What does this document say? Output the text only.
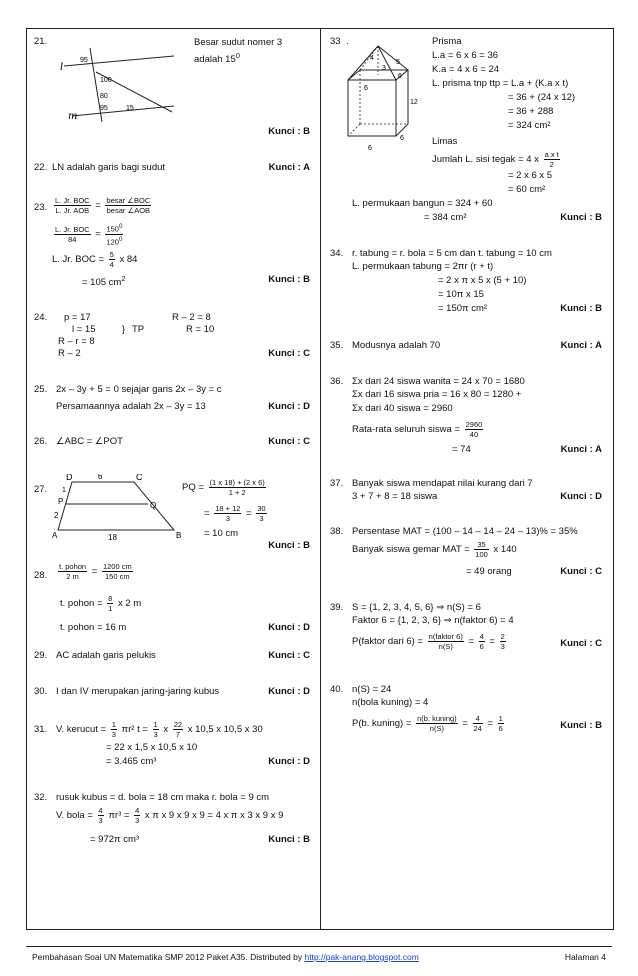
21.
l
m
95
100
80
95	15
Besar sudut nomer 3 adalah $15^0$
Kunci : B
22. LN adalah garis bagi sudut	Kunci : A
23. $\frac{\text{L. Jr. BOC}}{\text{L. Jr. AOB}} = \frac{\text{besar ∠BOC}}{\text{besar ∠AOB}}$
$\frac{\text{L. Jr. BOC}}{84} = \frac{150^0}{120^0}$
L. Jr. BOC = $\frac{5}{4}$ x 84
= 105 $cm^2$	Kunci : B
24. p = 17
l = 15	} TP
R – r = 8
R – 2
R – 2 = 8
R = 10
Kunci : C
25. 2x – 3y + 5 = 0 sejajar garis 2x – 3y = c
Persamaannya adalah 2x – 3y = 13	Kunci : D
26. ∠ABC = ∠POT	Kunci : C
27.
D	6	C
1
P	Q
2
A	18	B
PQ = $\frac{(1 x 18) + (2 x 6)}{1 + 2}$
= $\frac{18 + 12}{3} = \frac{30}{3}$
= 10 cm
Kunci : B
28. $\frac{\text{t. pohon}}{2 m} = \frac{1200 cm}{150 cm}$
t. pohon = $\frac{8}{1}$ x 2 m
t. pohon = 16 m	Kunci : D
29. AC adalah garis pelukis	Kunci : C
30. I dan IV merupakan jaring-jaring kubus	Kunci : D
31. V. kerucut = $\frac{1}{3} \pi r^2$ $t = \frac{1}{3}$ x $\frac{22}{7}$ x 10,5 x 10,5 x 30
= 22 x 1,5 x 10,5 x 10
= 3.465 cm³	Kunci : D
32. rusuk kubus = d. bola = 18 cm maka r. bola = 9 cm
V. bola = $\frac{4}{3} \pi r^3 = \frac{4}{3}$ x π x 9 x 9 x 9 = 4 x π x 3 x 9 x 9
= 972π cm³	Kunci : B
33 .
4
3
5
6
6
12
6
6
Prisma
L.a = 6 x 6 = 36
K.a = 4 x 6 = 24
L. prisma tnp ttp = L.a + (K.a x t)
= 36 + (24 x 12)
= 36 + 288
= 324 cm²
Limas
Jumlah L. sisi tegak = 4 x $\frac{\text{a x t}}{2}$
= 2 x 6 x 5
= 60 cm²
L. permukaan bangun = 324 + 60
= 384 cm²	Kunci : B
34. r. tabung = r. bola = 5 cm dan t. tabung = 10 cm
L. permukaan tabung = 2πr (r + t)
= 2 x π x 5 x (5 + 10)
= 10π x 15
= 150π cm²	Kunci : B
35. Modusnya adalah 70	Kunci : A
36. Σx dari 24 siswa wanita = 24 x 70 = 1680
Σx dari 16 siswa pria = 16 x 80 = 1280 +
Σx dari 40 siswa = 2960
Rata-rata seluruh siswa = $\frac{2960}{40}$
= 74	Kunci : A
37. Banyak siswa mendapat nilai kurang dari 7
3 + 7 + 8 = 18 siswa	Kunci : D
38. Persentase MAT = (100 – 14 – 14 – 24 – 13)% = 35%
Banyak siswa gemar MAT = $\frac{35}{100}$ x 140
= 49 orang	Kunci : C
39. S = {1, 2, 3, 4, 5, 6} ⇒ n(S) = 6
Faktor 6 = {1, 2, 3, 6} ⇒ n(faktor 6) = 4
P(faktor dari $6) = \frac{\text{n(faktor 6)}}{n(S)} = \frac{4}{6} = \frac{2}{3}$	Kunci : C
40. n(S) = 24
n(bola kuning) = 4
P(b. kuning) = $\frac{\text{n(b. kuning)}}{n(S)} = \frac{4}{24} = \frac{1}{6}$	Kunci : B
Pembahasan Soal UN Matematika SMP 2012 Paket A35. Distributed by http://pak-anang.blogspot.com	Halaman 4
